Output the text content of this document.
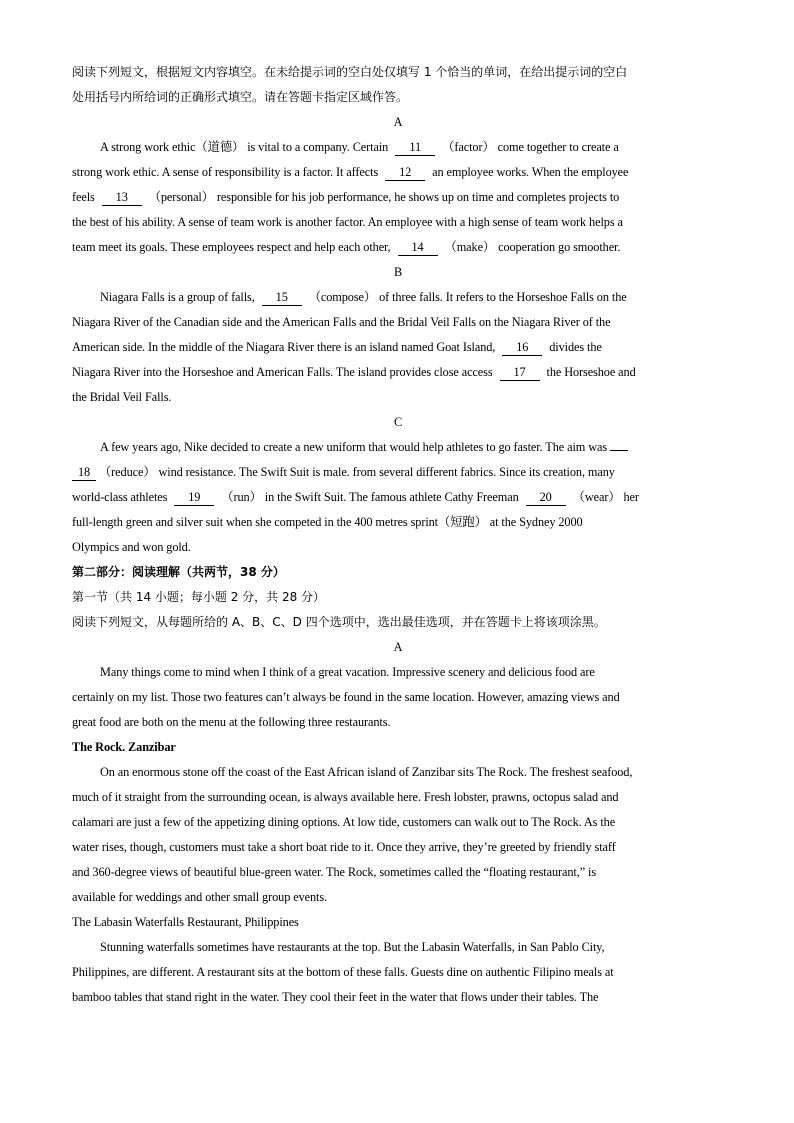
阅读下列短文，根据短文内容填空。在未给提示词的空白处仅填写 1 个恰当的单词，在给出提示词的空白
处用括号内所给词的正确形式填空。请在答题卡指定区域作答。
A
A strong work ethic（道德） is vital to a company. Certain 11 （factor） come together to create a
strong work ethic. A sense of responsibility is a factor. It affects 12 an employee works. When the employee
feels 13 （personal） responsible for his job performance, he shows up on time and completes projects to
the best of his ability. A sense of team work is another factor. An employee with a high sense of team work helps a
team meet its goals. These employees respect and help each other, 14 （make） cooperation go smoother.
B
Niagara Falls is a group of falls, 15 （compose） of three falls. It refers to the Horseshoe Falls on the
Niagara River of the Canadian side and the American Falls and the Bridal Veil Falls on the Niagara River of the
American side. In the middle of the Niagara River there is an island named Goat Island, 16 divides the
Niagara River into the Horseshoe and American Falls. The island provides close access 17 the Horseshoe and
the Bridal Veil Falls.
C
A few years ago, Nike decided to create a new uniform that would help athletes to go faster. The aim was
18 （reduce） wind resistance. The Swift Suit is male. from several different fabrics. Since its creation, many
world-class athletes 19 （run） in the Swift Suit. The famous athlete Cathy Freeman 20 （wear） her
full-length green and silver suit when she competed in the 400 metres sprint（短跑） at the Sydney 2000
Olympics and won gold.
第二部分：阅读理解（共两节，38 分）
第一节（共 14 小题；每小题 2 分，共 28 分）
阅读下列短文，从每题所给的 A、B、C、D 四个选项中，选出最佳选项，并在答题卡上将该项涂黑。
A
Many things come to mind when I think of a great vacation. Impressive scenery and delicious food are
certainly on my list. Those two features can’t always be found in the same location. However, amazing views and
great food are both on the menu at the following three restaurants.
The Rock. Zanzibar
On an enormous stone off the coast of the East African island of Zanzibar sits The Rock. The freshest seafood,
much of it straight from the surrounding ocean, is always available here. Fresh lobster, prawns, octopus salad and
calamari are just a few of the appetizing dining options. At low tide, customers can walk out to The Rock. As the
water rises, though, customers must take a short boat ride to it. Once they arrive, they’re greeted by friendly staff
and 360-degree views of beautiful blue-green water. The Rock, sometimes called the “floating restaurant,” is
available for weddings and other small group events.
The Labasin Waterfalls Restaurant, Philippines
Stunning waterfalls sometimes have restaurants at the top. But the Labasin Waterfalls, in San Pablo City,
Philippines, are different. A restaurant sits at the bottom of these falls. Guests dine on authentic Filipino meals at
bamboo tables that stand right in the water. They cool their feet in the water that flows under their tables. The
